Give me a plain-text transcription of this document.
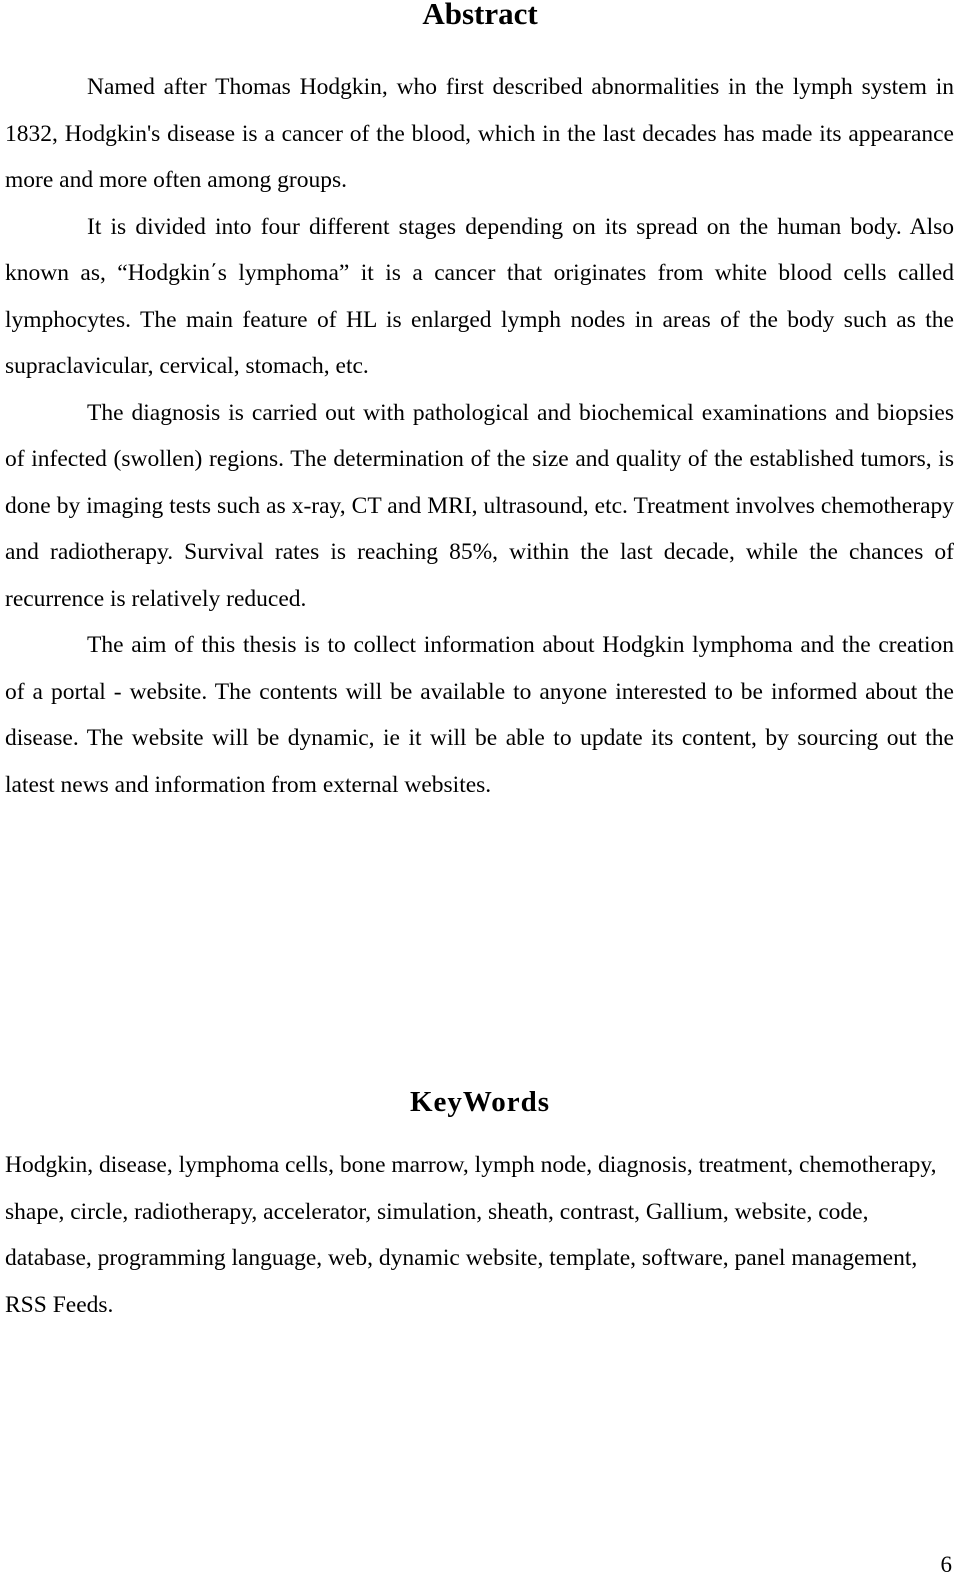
Abstract

Named after Thomas Hodgkin, who first described abnormalities in the lymph system in 1832, Hodgkin's disease is a cancer of the blood, which in the last decades has made its appearance more and more often among groups.

It is divided into four different stages depending on its spread on the human body. Also known as, “Hodgkin΄s lymphoma” it is a cancer that originates from white blood cells called lymphocytes. The main feature of HL is enlarged lymph nodes in areas of the body such as the supraclavicular, cervical, stomach, etc.

The diagnosis is carried out with pathological and biochemical examinations and biopsies of infected (swollen) regions. The determination of the size and quality of the established tumors, is done by imaging tests such as x-ray, CT and MRI, ultrasound, etc. Treatment involves chemotherapy and radiotherapy. Survival rates is reaching 85%, within the last decade, while the chances of recurrence is relatively reduced.

The aim of this thesis is to collect information about Hodgkin lymphoma and the creation of a portal - website. The contents will be available to anyone interested to be informed about the disease. The website will be dynamic, ie it will be able to update its content, by sourcing out the latest news and information from external websites.

KeyWords

Hodgkin, disease, lymphoma cells, bone marrow, lymph node, diagnosis, treatment, chemotherapy, shape, circle, radiotherapy, accelerator, simulation, sheath, contrast, Gallium, website, code, database, programming language, web, dynamic website, template, software, panel management, RSS Feeds.

6
